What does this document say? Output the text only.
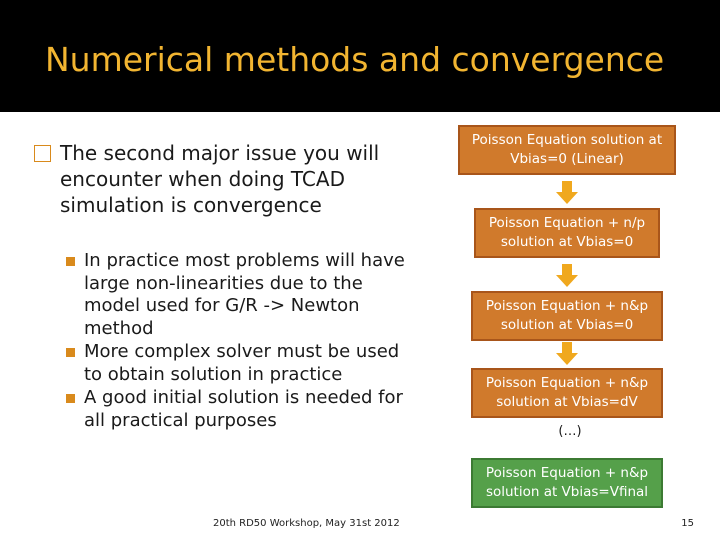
Numerical methods and convergence
The second major issue you will encounter when doing TCAD simulation is convergence
In practice most problems will have large non-linearities due to the model used for G/R -> Newton method
More complex solver must be used to obtain solution in practice
A good initial solution is needed for all practical purposes
Poisson Equation solution at Vbias=0 (Linear)
Poisson Equation + n/p solution at Vbias=0
Poisson Equation + n&p solution at Vbias=0
Poisson Equation + n&p solution at Vbias=dV
(…)
Poisson Equation + n&p solution at Vbias=Vfinal
20th RD50 Workshop, May 31st 2012	15
